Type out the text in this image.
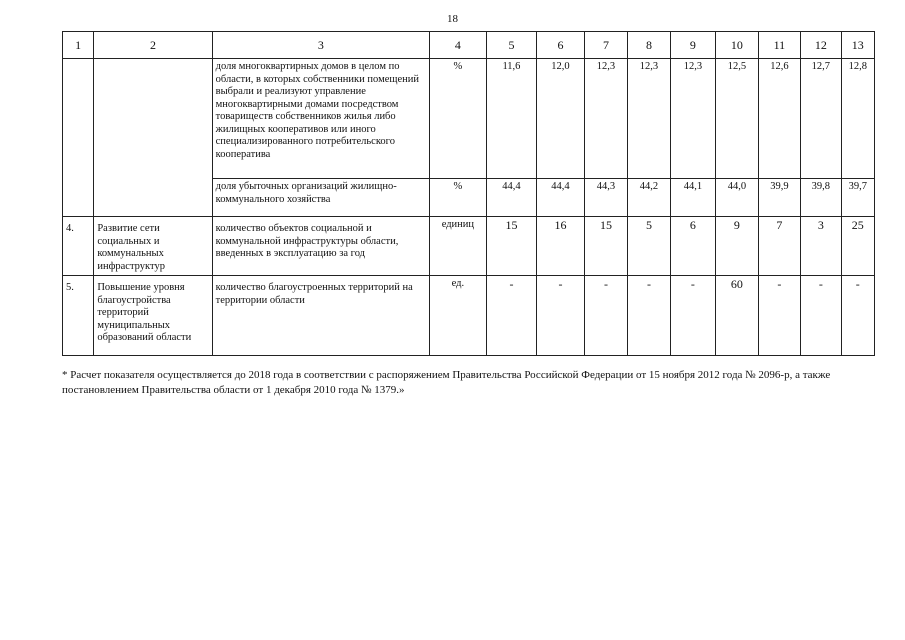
18
1	2	3	4	5	6	7	8	9	10	11	12	13
		доля многоквартирных домов в целом по области, в которых собственники помещений выбрали и реализуют управление многоквартирными домами посредством товариществ собственников жилья либо жилищных кооперативов или иного специализированного потребительского кооператива	%	11,6	12,0	12,3	12,3	12,3	12,5	12,6	12,7	12,8
		доля убыточных организаций жилищно-коммунального хозяйства	%	44,4	44,4	44,3	44,2	44,1	44,0	39,9	39,8	39,7
4.	Развитие сети социальных и коммунальных инфраструктур	количество объектов социальной и коммунальной инфраструктуры области, введенных в эксплуатацию за год	единиц	15	16	15	5	6	9	7	3	25
5.	Повышение уровня благоустройства территорий муниципальных образований области	количество благоустроенных территорий на территории области	ед.	-	-	-	-	-	60	-	-	-
* Расчет показателя осуществляется до 2018 года в соответствии с распоряжением Правительства Российской Федерации от 15 ноября 2012 года № 2096-р, а также постановлением Правительства области от 1 декабря 2010 года № 1379.»
